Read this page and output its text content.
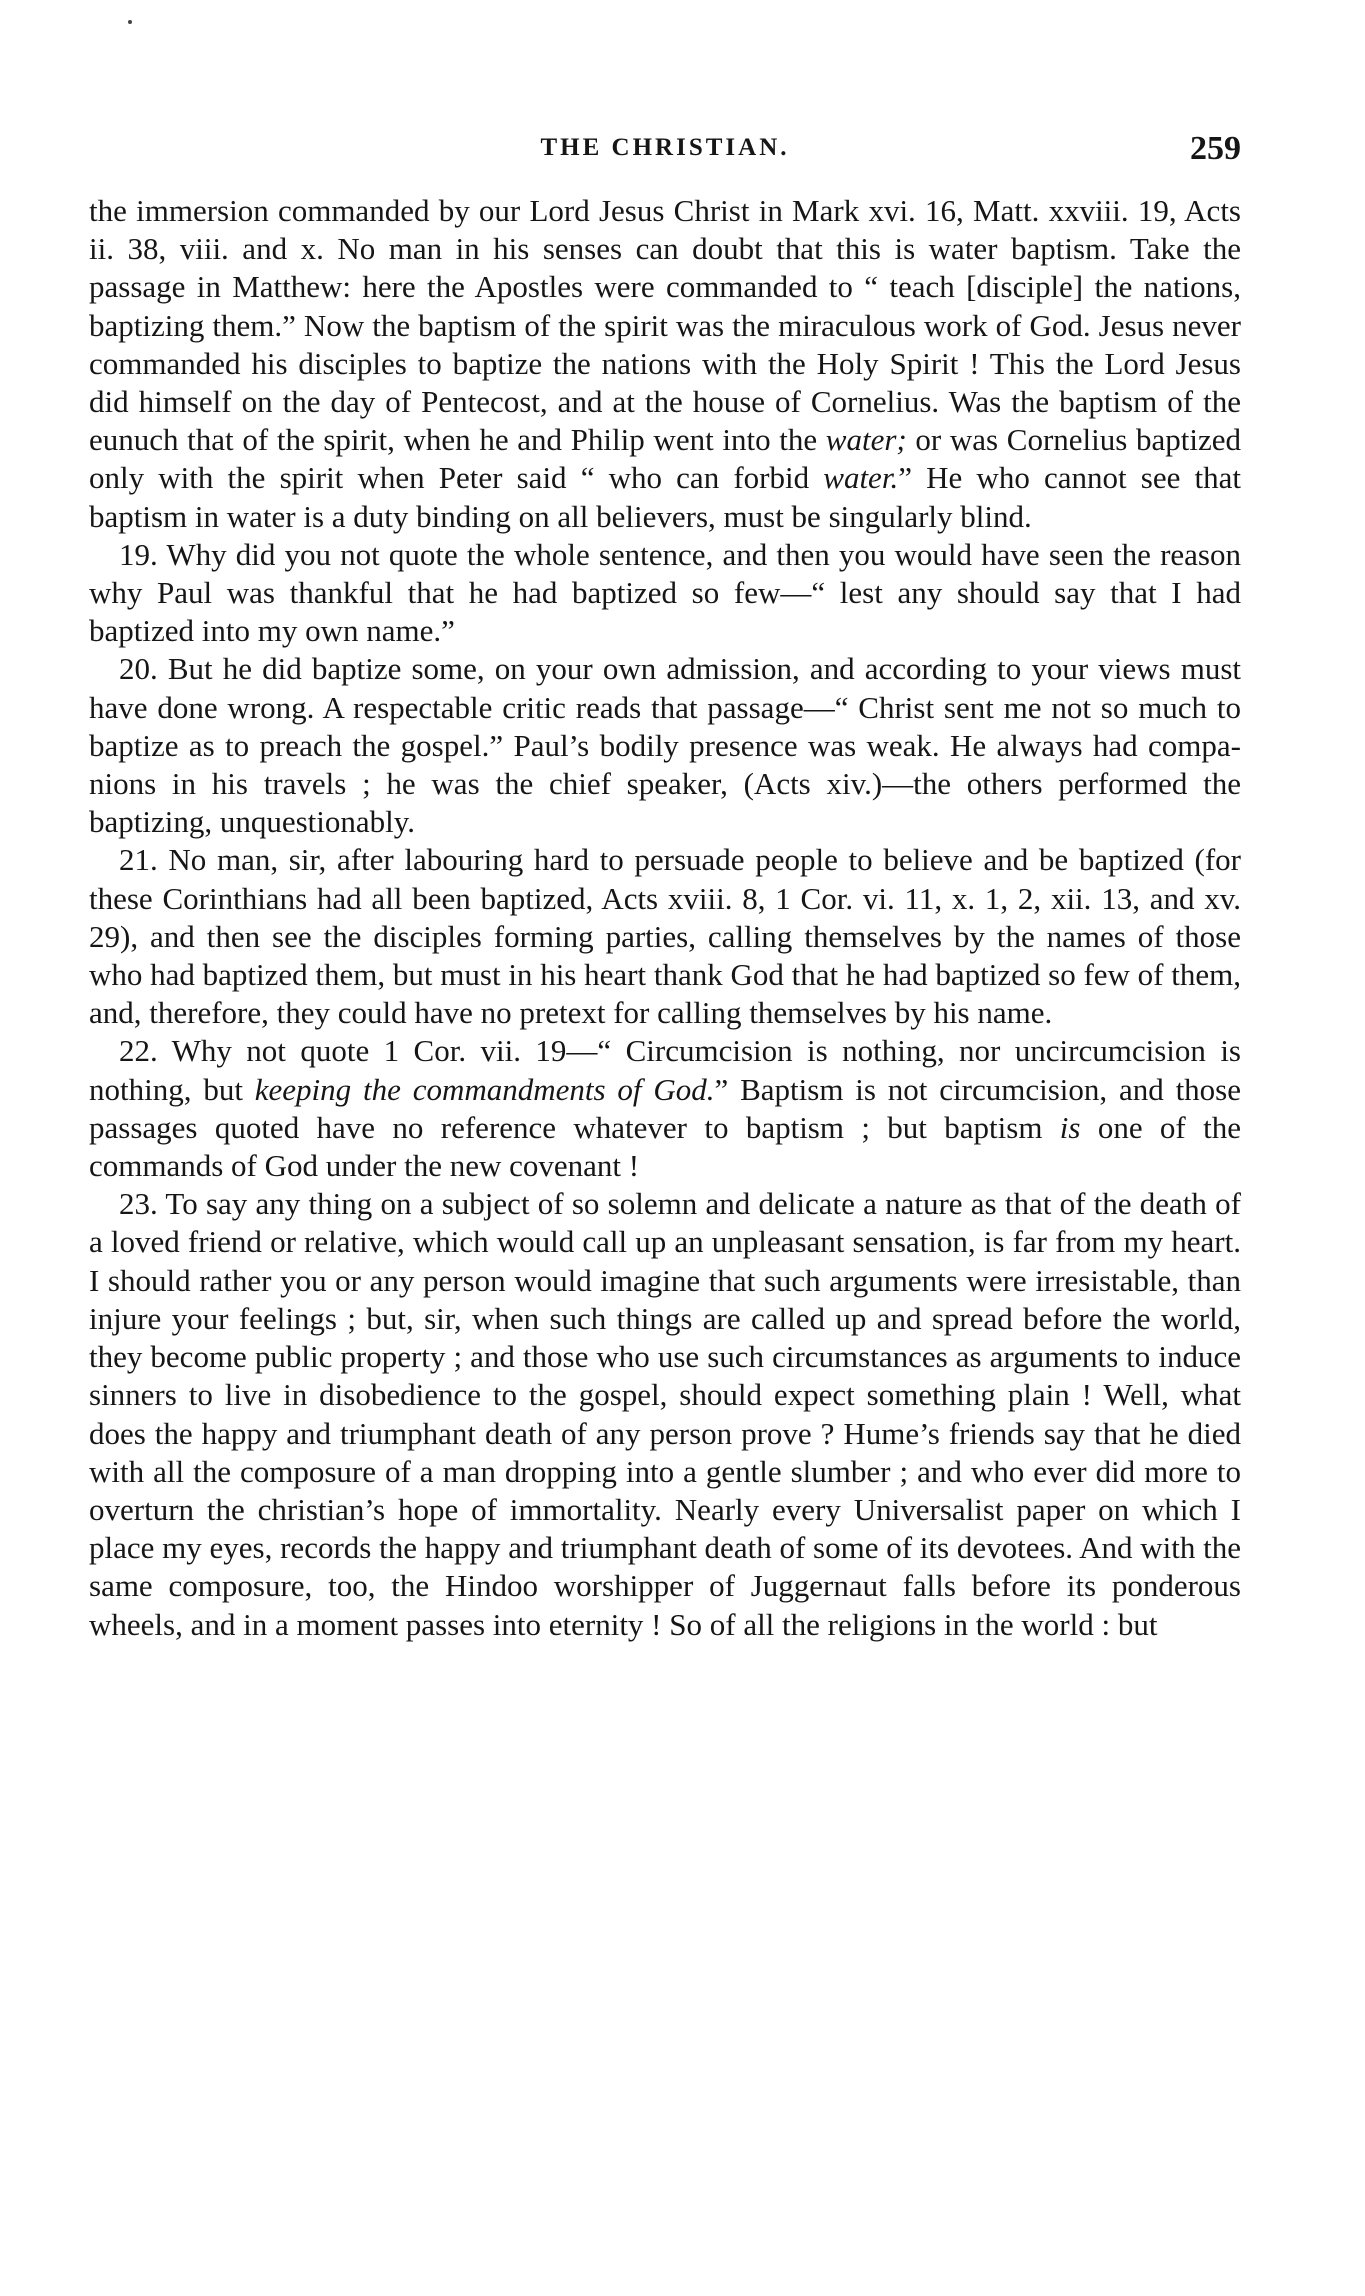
THE CHRISTIAN.	259

the immersion commanded by our Lord Jesus Christ in Mark xvi. 16, Matt. xxviii. 19, Acts ii. 38, viii. and x. No man in his senses can doubt that this is water baptism. Take the passage in Matthew: here the Apostles were commanded to “ teach [disciple] the nations, baptizing them.” Now the baptism of the spirit was the miraculous work of God. Jesus never commanded his disciples to baptize the nations with the Holy Spirit ! This the Lord Jesus did himself on the day of Pentecost, and at the house of Cornelius. Was the baptism of the eunuch that of the spirit, when he and Philip went into the water; or was Cornelius baptized only with the spirit when Peter said “ who can forbid water.” He who cannot see that baptism in water is a duty binding on all believers, must be singularly blind.

19. Why did you not quote the whole sentence, and then you would have seen the reason why Paul was thankful that he had baptized so few—“ lest any should say that I had baptized into my own name.”

20. But he did baptize some, on your own admission, and according to your views must have done wrong. A respectable critic reads that passage—“ Christ sent me not so much to baptize as to preach the gospel.” Paul’s bodily presence was weak. He always had companions in his travels ; he was the chief speaker, (Acts xiv.)—the others performed the baptizing, unquestionably.

21. No man, sir, after labouring hard to persuade people to believe and be baptized (for these Corinthians had all been baptized, Acts xviii. 8, 1 Cor. vi. 11, x. 1, 2, xii. 13, and xv. 29), and then see the disciples forming parties, calling themselves by the names of those who had baptized them, but must in his heart thank God that he had baptized so few of them, and, therefore, they could have no pretext for calling themselves by his name.

22. Why not quote 1 Cor. vii. 19—“ Circumcision is nothing, nor uncircumcision is nothing, but keeping the commandments of God.” Baptism is not circumcision, and those passages quoted have no reference whatever to baptism ; but baptism is one of the commands of God under the new covenant !

23. To say any thing on a subject of so solemn and delicate a nature as that of the death of a loved friend or relative, which would call up an unpleasant sensation, is far from my heart. I should rather you or any person would imagine that such arguments were irresistable, than injure your feelings ; but, sir, when such things are called up and spread before the world, they become public property ; and those who use such circumstances as arguments to induce sinners to live in disobedience to the gospel, should expect something plain ! Well, what does the happy and triumphant death of any person prove ? Hume’s friends say that he died with all the composure of a man dropping into a gentle slumber ; and who ever did more to overturn the christian’s hope of immortality. Nearly every Universalist paper on which I place my eyes, records the happy and triumphant death of some of its devotees. And with the same composure, too, the Hindoo worshipper of Juggernaut falls before its ponderous wheels, and in a moment passes into eternity ! So of all the religions in the world : but
